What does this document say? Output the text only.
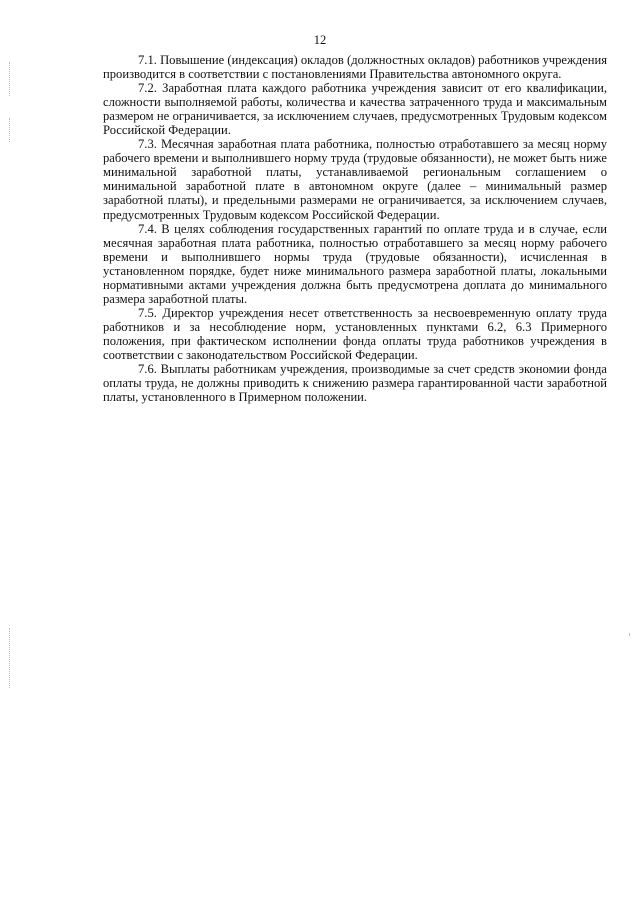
12

7.1. Повышение (индексация) окладов (должностных окладов) работников учреждения производится в соответствии с постановлениями Правительства автономного округа.

7.2. Заработная плата каждого работника учреждения зависит от его квалификации, сложности выполняемой работы, количества и качества затраченного труда и максимальным размером не ограничивается, за исключением случаев, предусмотренных Трудовым кодексом Российской Федерации.

7.3. Месячная заработная плата работника, полностью отработавшего за месяц норму рабочего времени и выполнившего норму труда (трудовые обязанности), не может быть ниже минимальной заработной платы, устанавливаемой региональным соглашением о минимальной заработной плате в автономном округе (далее – минимальный размер заработной платы), и предельными размерами не ограничивается, за исключением случаев, предусмотренных Трудовым кодексом Российской Федерации.

7.4. В целях соблюдения государственных гарантий по оплате труда и в случае, если месячная заработная плата работника, полностью отработавшего за месяц норму рабочего времени и выполнившего нормы труда (трудовые обязанности), исчисленная в установленном порядке, будет ниже минимального размера заработной платы, локальными нормативными актами учреждения должна быть предусмотрена доплата до минимального размера заработной платы.

7.5. Директор учреждения несет ответственность за несвоевременную оплату труда работников и за несоблюдение норм, установленных пунктами 6.2, 6.3 Примерного положения, при фактическом исполнении фонда оплаты труда работников учреждения в соответствии с законодательством Российской Федерации.

7.6. Выплаты работникам учреждения, производимые за счет средств экономии фонда оплаты труда, не должны приводить к снижению размера гарантированной части заработной платы, установленного в Примерном положении.
